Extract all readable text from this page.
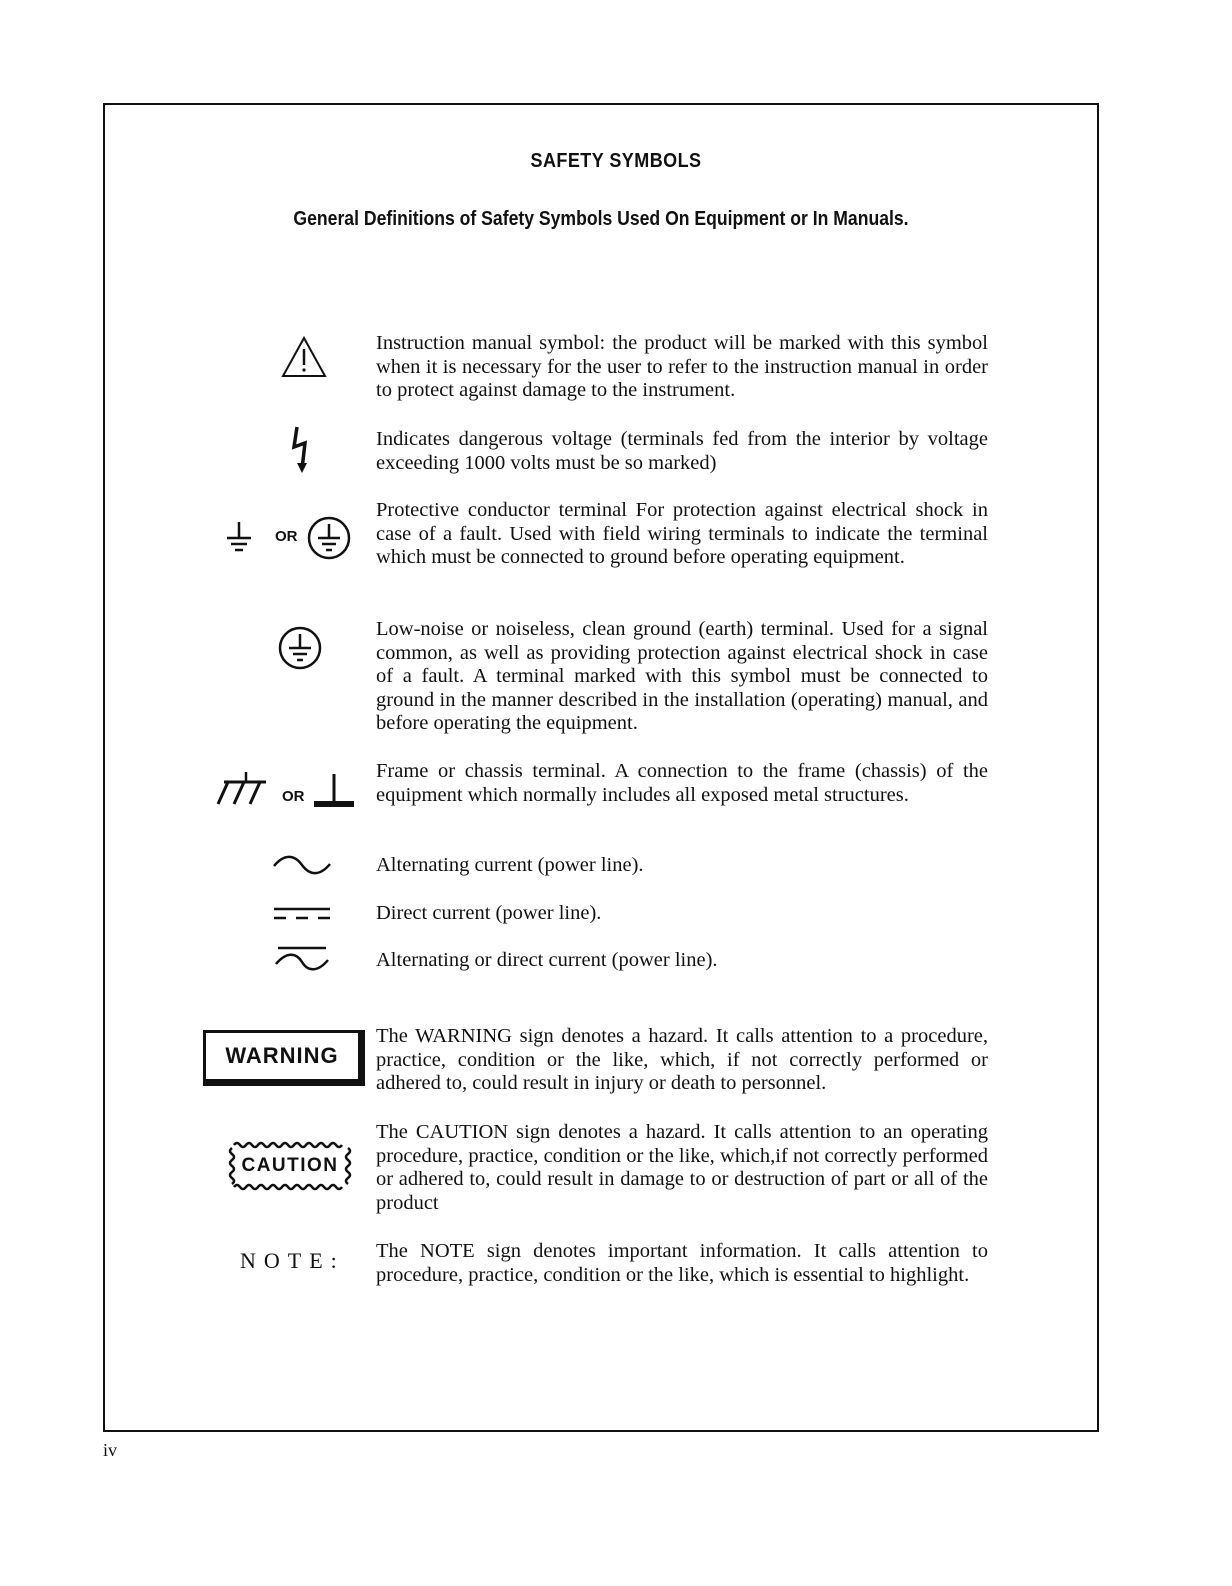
SAFETY SYMBOLS
General Definitions of Safety Symbols Used On Equipment or In Manuals.
Instruction manual symbol: the product will be marked with this symbol when it is necessary for the user to refer to the instruction manual in order to protect against damage to the instrument.
Indicates dangerous voltage (terminals fed from the interior by voltage exceeding 1000 volts must be so marked)
OR
Protective conductor terminal For protection against electrical shock in case of a fault. Used with field wiring terminals to indicate the terminal which must be connected to ground before operating equipment.
Low-noise or noiseless, clean ground (earth) terminal. Used for a signal common, as well as providing protection against electrical shock in case of a fault. A terminal marked with this symbol must be connected to ground in the manner described in the installation (operating) manual, and before operating the equipment.
OR
Frame or chassis terminal. A connection to the frame (chassis) of the equipment which normally includes all exposed metal structures.
Alternating current (power line).
Direct current (power line).
Alternating or direct current (power line).
WARNING
The WARNING sign denotes a hazard. It calls attention to a procedure, practice, condition or the like, which, if not correctly performed or adhered to, could result in injury or death to personnel.
CAUTION
The CAUTION sign denotes a hazard. It calls attention to an operating procedure, practice, condition or the like, which,if not correctly performed or adhered to, could result in damage to or destruction of part or all of the product
NOTE: The NOTE sign denotes important information. It calls attention to procedure, practice, condition or the like, which is essential to highlight.
iv
